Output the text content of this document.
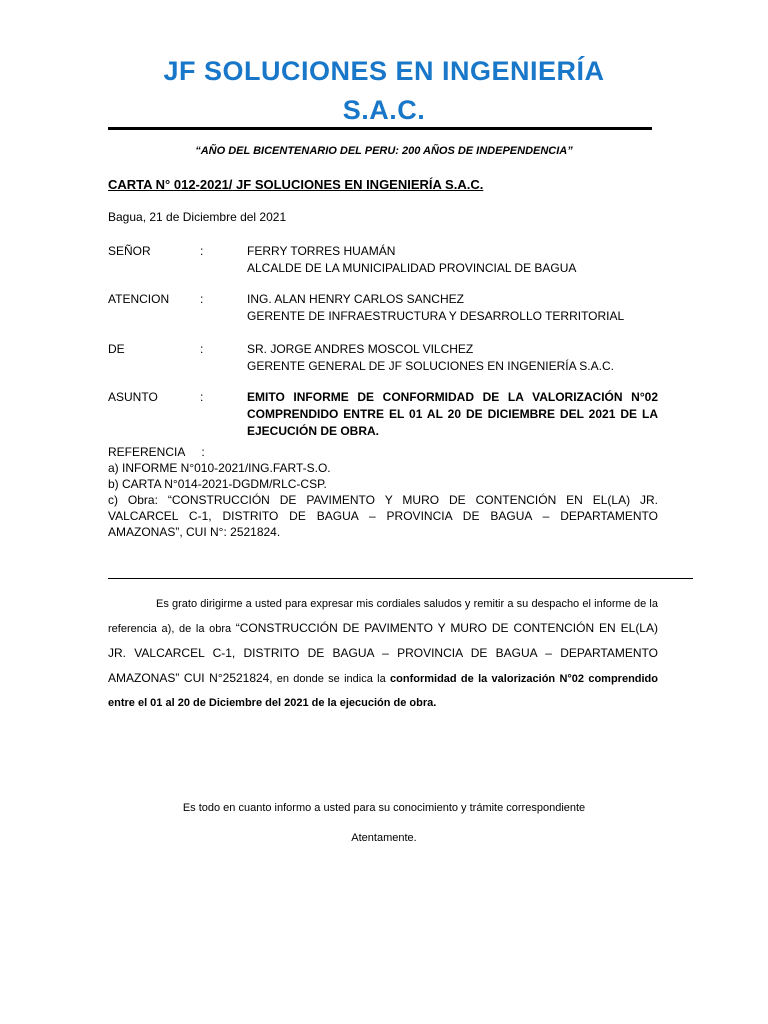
JF SOLUCIONES EN INGENIERÍA
S.A.C.
“AÑO DEL BICENTENARIO DEL PERU: 200 AÑOS DE INDEPENDENCIA”
CARTA N° 012-2021/ JF SOLUCIONES EN INGENIERÍA S.A.C.
Bagua, 21 de Diciembre del 2021
SEÑOR	:	FERRY TORRES HUAMÁN
ALCALDE DE LA MUNICIPALIDAD PROVINCIAL DE BAGUA
ATENCION	:	ING. ALAN HENRY CARLOS SANCHEZ
GERENTE DE INFRAESTRUCTURA Y DESARROLLO TERRITORIAL
DE	:	SR. JORGE ANDRES MOSCOL VILCHEZ
GERENTE GENERAL DE JF SOLUCIONES EN INGENIERÍA S.A.C.
ASUNTO	:	EMITO INFORME DE CONFORMIDAD DE LA VALORIZACIÓN N°02 COMPRENDIDO ENTRE EL 01 AL 20 DE DICIEMBRE DEL 2021 DE LA EJECUCIÓN DE OBRA.
REFERENCIA     :
a) INFORME N°010-2021/ING.FART-S.O.
b) CARTA N°014-2021-DGDM/RLC-CSP.
c) Obra: “CONSTRUCCIÓN DE PAVIMENTO Y MURO DE CONTENCIÓN EN EL(LA) JR. VALCARCEL C-1, DISTRITO DE BAGUA – PROVINCIA DE BAGUA – DEPARTAMENTO AMAZONAS”, CUI N°: 2521824.
Es grato dirigirme a usted para expresar mis cordiales saludos y remitir a su despacho el informe de la referencia a), de la obra “CONSTRUCCIÓN DE PAVIMENTO Y MURO DE CONTENCIÓN EN EL(LA) JR. VALCARCEL C-1, DISTRITO DE BAGUA – PROVINCIA DE BAGUA – DEPARTAMENTO AMAZONAS” CUI N°2521824, en donde se indica la conformidad de la valorización N°02 comprendido entre el 01 al 20 de Diciembre del 2021 de la ejecución de obra.
Es todo en cuanto informo a usted para su conocimiento y trámite correspondiente
Atentamente.
